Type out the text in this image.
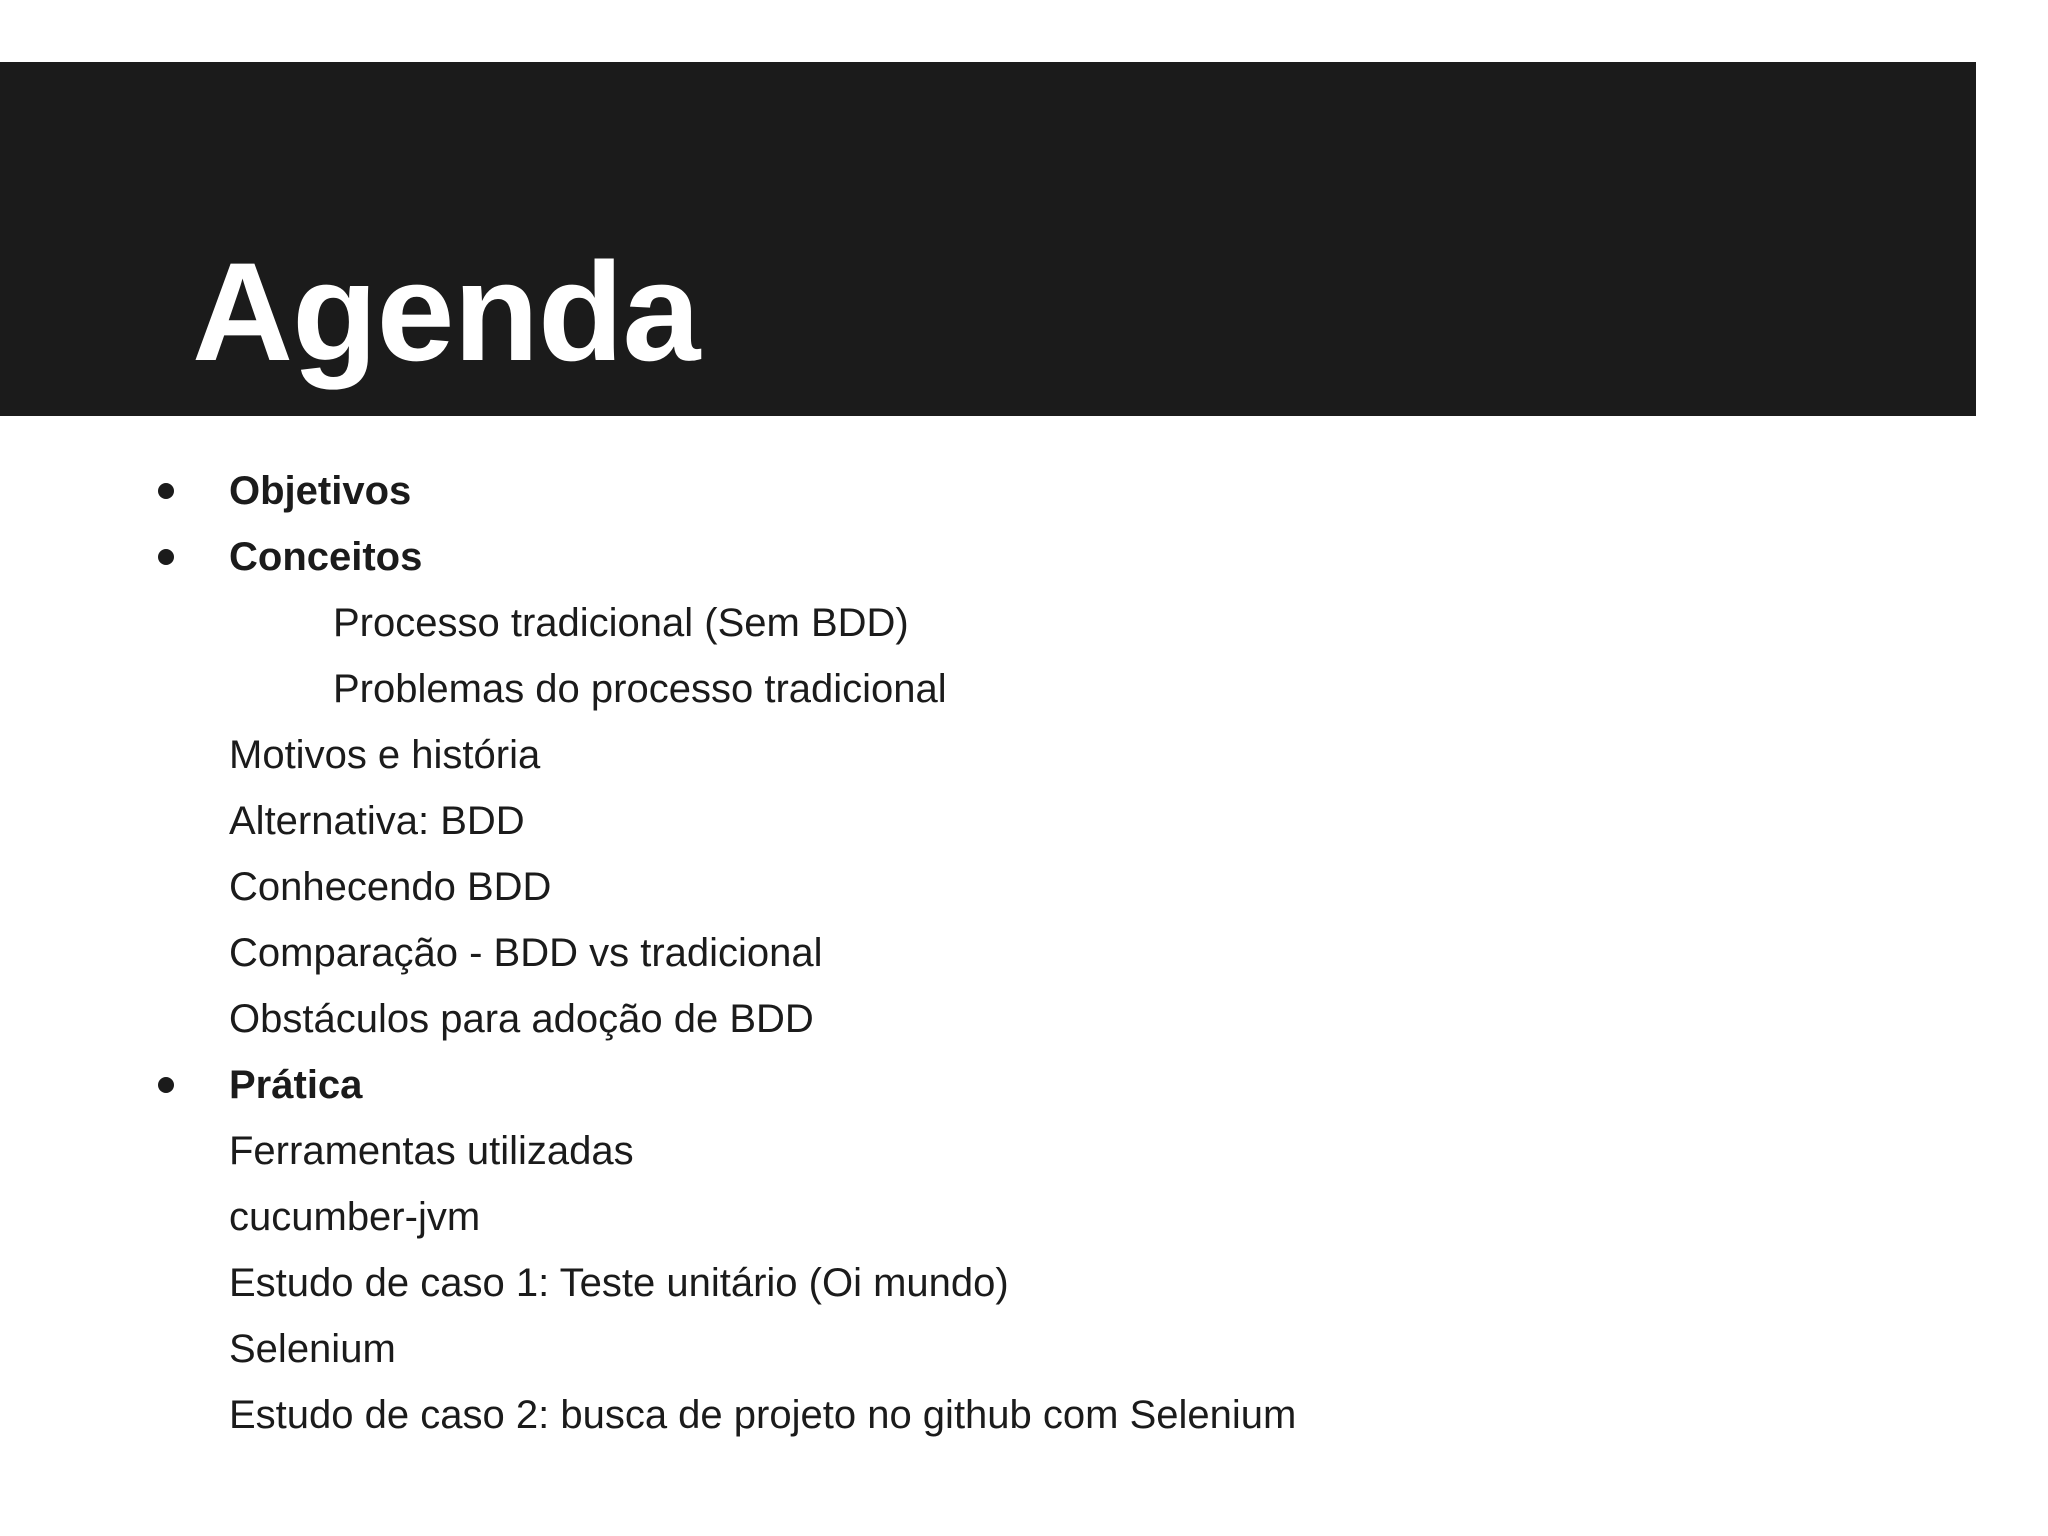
Agenda
Objetivos
Conceitos
Processo tradicional (Sem BDD)
Problemas do processo tradicional
Motivos e história
Alternativa: BDD
Conhecendo BDD
Comparação - BDD vs tradicional
Obstáculos para adoção de BDD
Prática
Ferramentas utilizadas
cucumber-jvm
Estudo de caso 1: Teste unitário (Oi mundo)
Selenium
Estudo de caso 2: busca de projeto no github com Selenium
